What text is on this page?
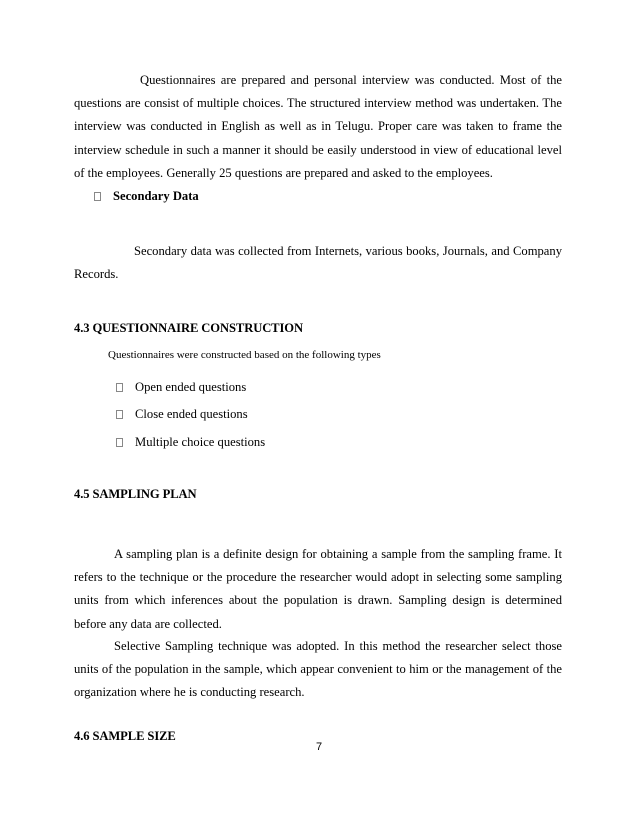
Questionnaires are prepared and personal interview was conducted. Most of the questions are consist of multiple choices. The structured interview method was undertaken. The interview was conducted in English as well as in Telugu. Proper care was taken to frame the interview schedule in such a manner it should be easily understood in view of educational level of the employees. Generally 25 questions are prepared and asked to the employees.

Secondary Data

Secondary data was collected from Internets, various books, Journals, and Company Records.

4.3 QUESTIONNAIRE CONSTRUCTION

Questionnaires were constructed based on the following types

Open ended questions
Close ended questions
Multiple choice questions
4.5 SAMPLING PLAN

A sampling plan is a definite design for obtaining a sample from the sampling frame. It refers to the technique or the procedure the researcher would adopt in selecting some sampling units from which inferences about the population is drawn. Sampling design is determined before any data are collected.

Selective Sampling technique was adopted. In this method the researcher select those units of the population in the sample, which appear convenient to him or the management of the organization where he is conducting research.

4.6 SAMPLE SIZE
7
